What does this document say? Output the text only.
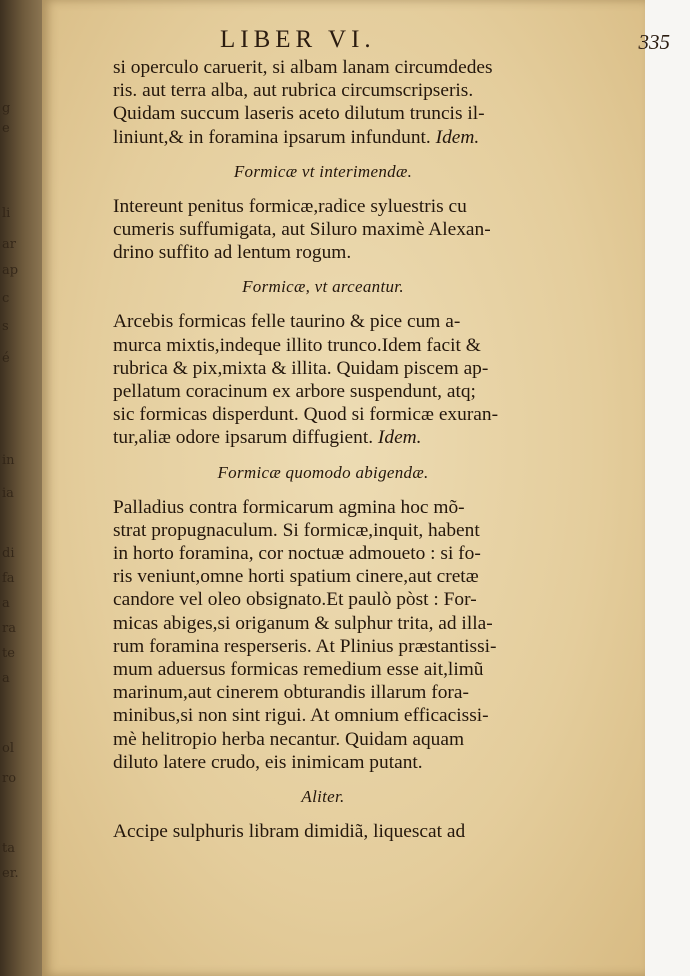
g
e
li
ar
ap
c
s
é
in
ia
di
fa
a
ra
te
a
ol
ro
ta
er.
LIBER VI.	335

si operculo caruerit, si albam lanam circumdedes
ris. aut terra alba, aut rubrica circumscripseris.
Quidam succum laseris aceto dilutum truncis il-
liniunt,& in foramina ipsarum infundunt. Idem.

Formicæ vt interimendæ.

Intereunt penitus formicæ,radice syluestris cu
cumeris suffumigata, aut Siluro maximè Alexan-
drino suffito ad lentum rogum.

Formicæ, vt arceantur.

Arcebis formicas felle taurino & pice cum a-
murca mixtis,indeque illito trunco.Idem facit &
rubrica & pix,mixta & illita. Quidam piscem ap-
pellatum coracinum ex arbore suspendunt, atq;
sic formicas disperdunt. Quod si formicæ exuran-
tur,aliæ odore ipsarum diffugient. Idem.

Formicæ quomodo abigendæ.

Palladius contra formicarum agmina hoc mõ-
strat propugnaculum. Si formicæ,inquit, habent
in horto foramina, cor noctuæ admoueto : si fo-
ris veniunt,omne horti spatium cinere,aut cretæ
candore vel oleo obsignato.Et paulò pòst : For-
micas abiges,si origanum & sulphur trita, ad illa-
rum foramina resperseris. At Plinius præstantissi-
mum aduersus formicas remedium esse ait,limũ
marinum,aut cinerem obturandis illarum fora-
minibus,si non sint rigui. At omnium efficacissi-
mè helitropio herba necantur. Quidam aquam
diluto latere crudo, eis inimicam putant.

Aliter.

Accipe sulphuris libram dimidiã, liquescat ad
